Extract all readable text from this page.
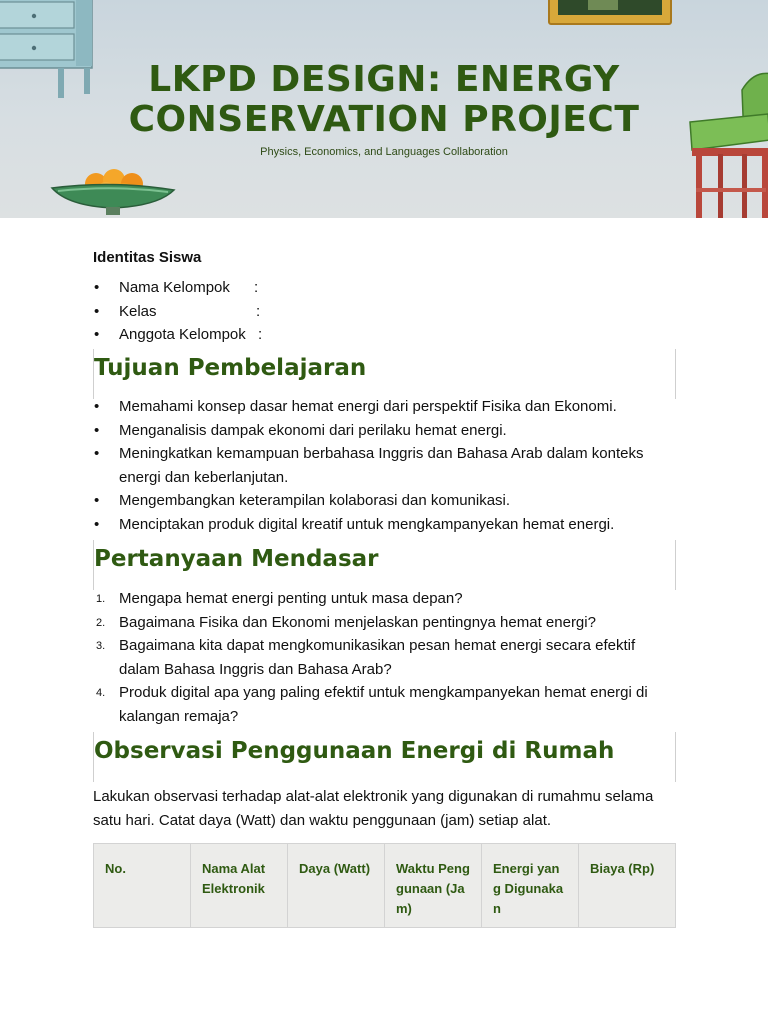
LKPD DESIGN: ENERGY CONSERVATION PROJECT
Physics, Economics, and Languages Collaboration
Identitas Siswa
• Nama Kelompok :
• Kelas	:
• Anggota Kelompok :
Tujuan Pembelajaran
• Memahami konsep dasar hemat energi dari perspektif Fisika dan Ekonomi.
• Menganalisis dampak ekonomi dari perilaku hemat energi.
• Meningkatkan kemampuan berbahasa Inggris dan Bahasa Arab dalam konteks energi dan keberlanjutan.
• Mengembangkan keterampilan kolaborasi dan komunikasi.
• Menciptakan produk digital kreatif untuk mengkampanyekan hemat energi.
Pertanyaan Mendasar
1. Mengapa hemat energi penting untuk masa depan?
2. Bagaimana Fisika dan Ekonomi menjelaskan pentingnya hemat energi?
3. Bagaimana kita dapat mengkomunikasikan pesan hemat energi secara efektif dalam Bahasa Inggris dan Bahasa Arab?
4. Produk digital apa yang paling efektif untuk mengkampanyekan hemat energi di kalangan remaja?
Observasi Penggunaan Energi di Rumah
Lakukan observasi terhadap alat-alat elektronik yang digunakan di rumahmu selama satu hari. Catat daya (Watt) dan waktu penggunaan (jam) setiap alat.
No.	Nama Alat Elektronik	Daya (Watt)	Waktu Penggunaan (Jam)	Energi yang Digunakan	Biaya (Rp)
